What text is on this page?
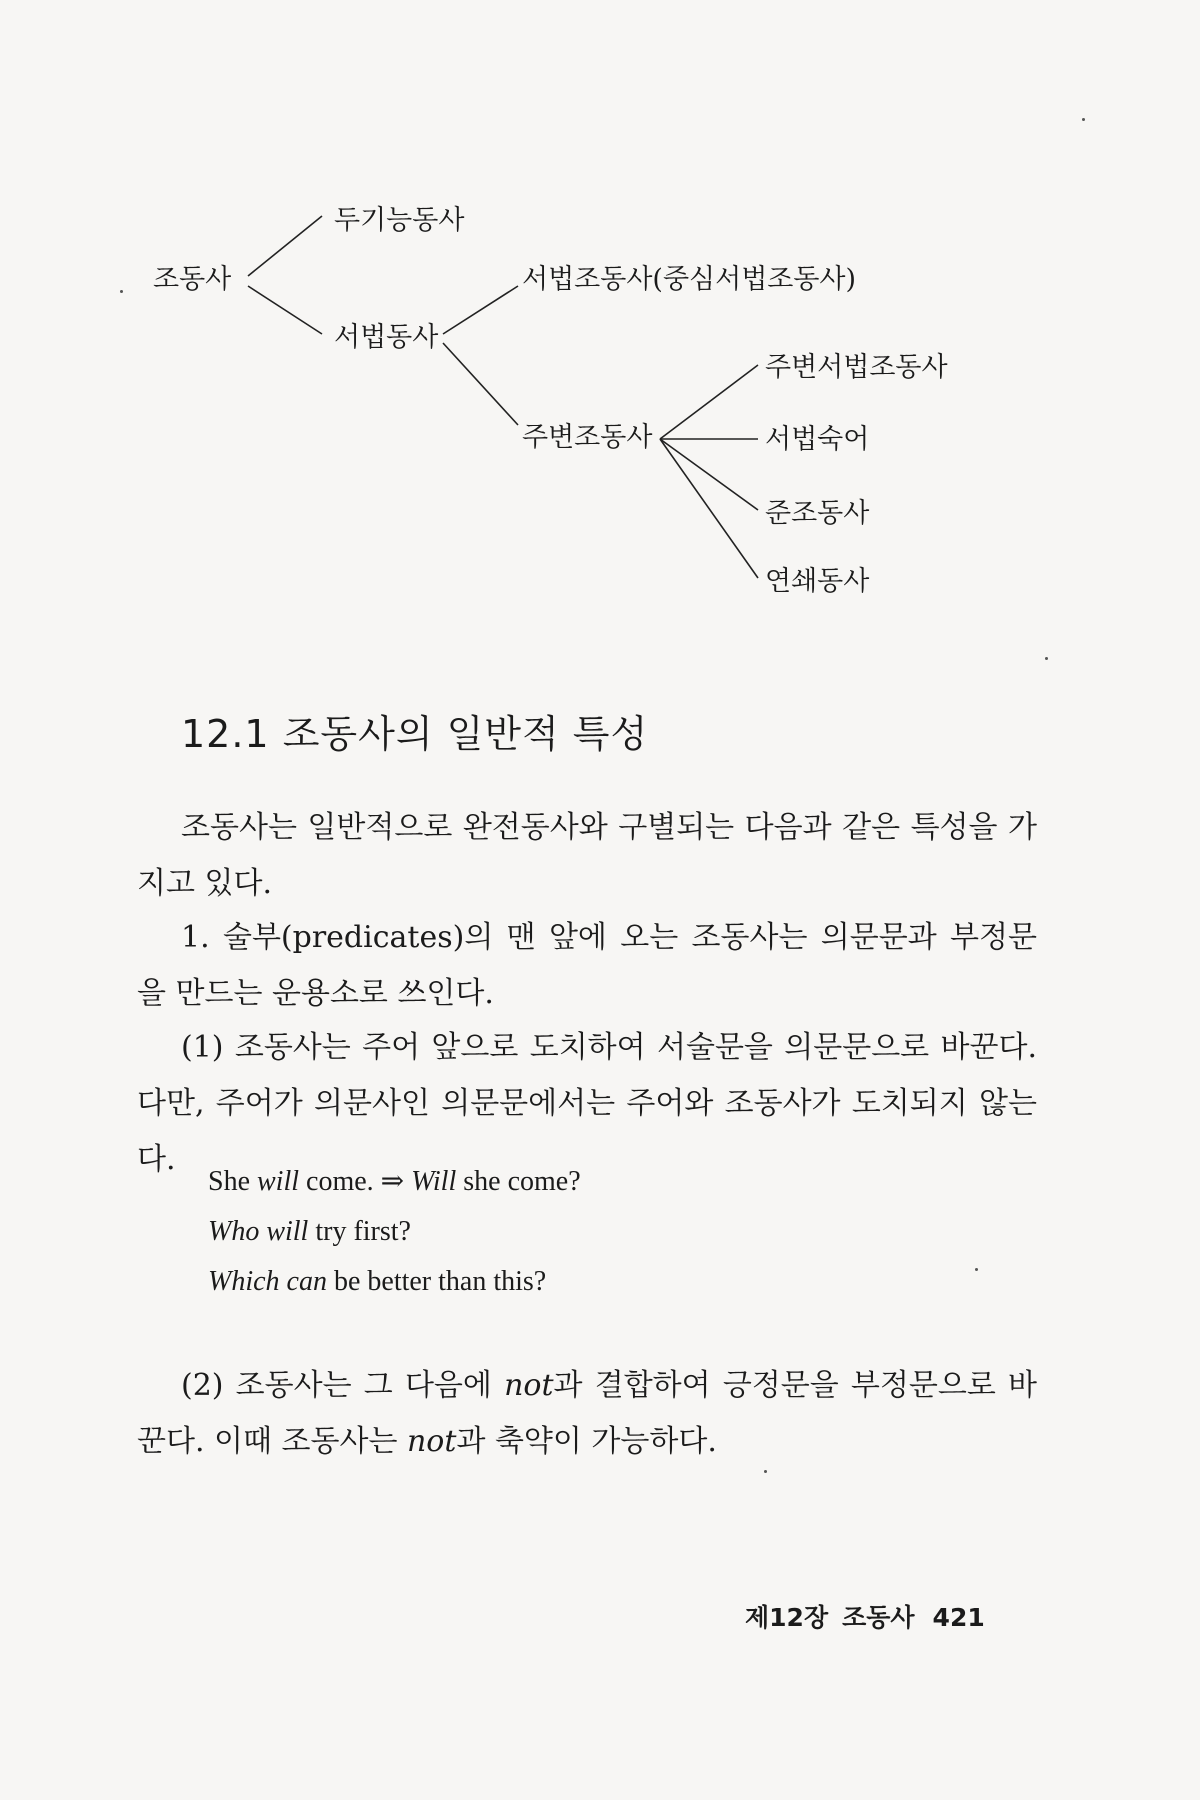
조동사
두기능동사
서법동사
서법조동사(중심서법조동사)
주변조동사
주변서법조동사
서법숙어
준조동사
연쇄동사
12.1 조동사의 일반적 특성

조동사는 일반적으로 완전동사와 구별되는 다음과 같은 특성을 가지고 있다.

1. 술부(predicates)의 맨 앞에 오는 조동사는 의문문과 부정문을 만드는 운용소로 쓰인다.

(1) 조동사는 주어 앞으로 도치하여 서술문을 의문문으로 바꾼다. 다만, 주어가 의문사인 의문문에서는 주어와 조동사가 도치되지 않는다.

She will come. ⇒ Will she come?
Who will try first?
Which can be better than this?

(2) 조동사는 그 다음에 not과 결합하여 긍정문을 부정문으로 바꾼다. 이때 조동사는 not과 축약이 가능하다.

제12장 조동사 421
